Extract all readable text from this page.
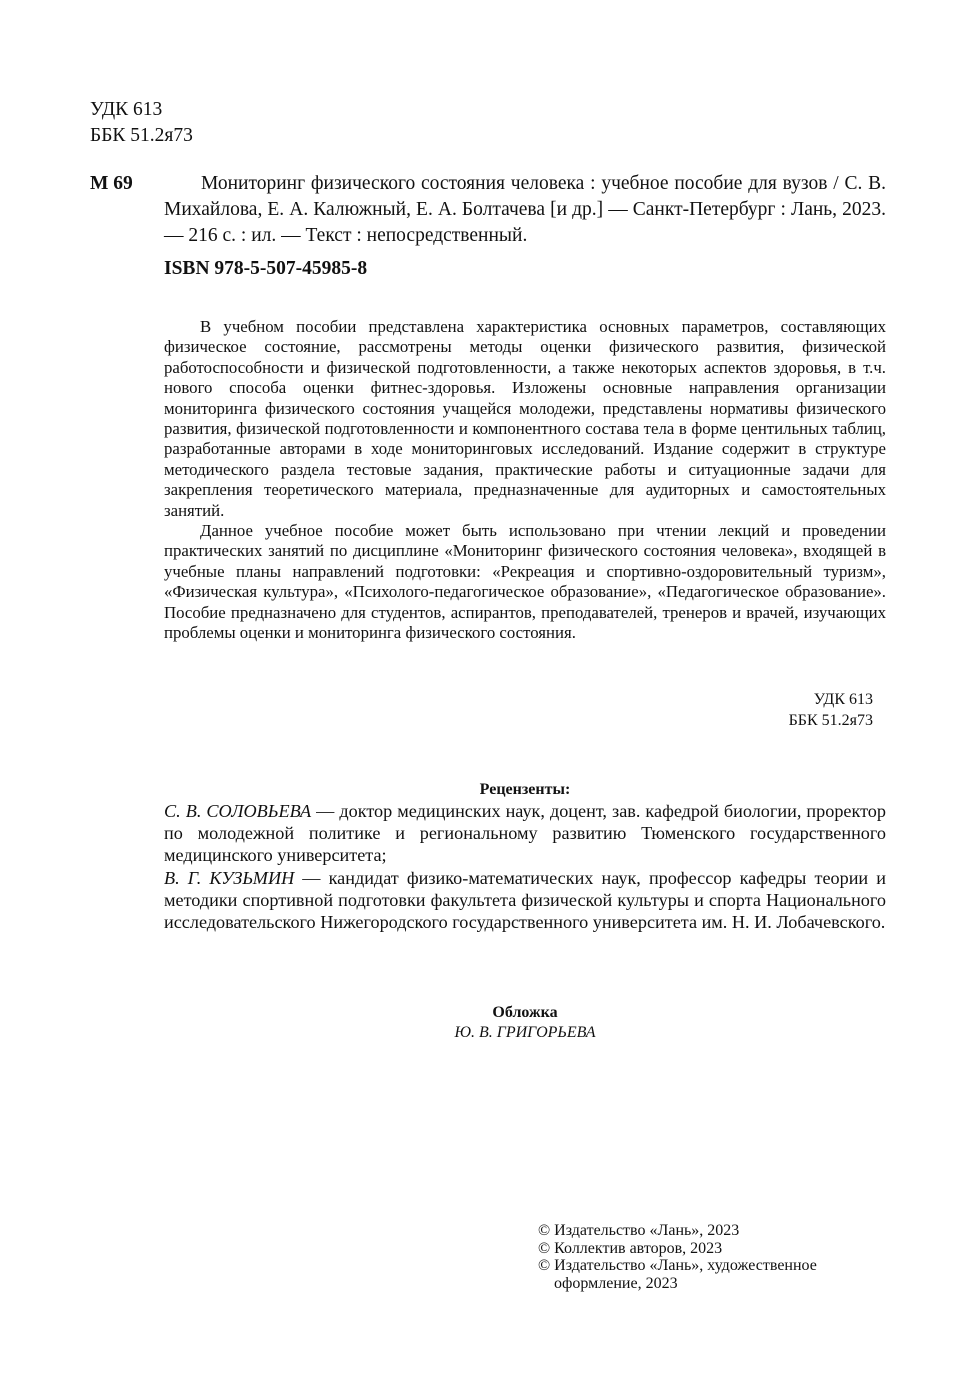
УДК 613
ББК 51.2я73
М 69	Мониторинг физического состояния человека : учебное пособие для вузов / С. В. Михайлова, Е. А. Калюжный, Е. А. Болтачева [и др.] — Санкт-Петербург : Лань, 2023. — 216 с. : ил. — Текст : непосредственный.
ISBN 978-5-507-45985-8

В учебном пособии представлена характеристика основных параметров, составляющих физическое состояние, рассмотрены методы оценки физического развития, физической работоспособности и физической подготовленности, а также некоторых аспектов здоровья, в т.ч. нового способа оценки фитнес-здоровья. Изложены основные направления организации мониторинга физического состояния учащейся молодежи, представлены нормативы физического развития, физической подготовленности и компонентного состава тела в форме центильных таблиц, разработанные авторами в ходе мониторинговых исследований. Издание содержит в структуре методического раздела тестовые задания, практические работы и ситуационные задачи для закрепления теоретического материала, предназначенные для аудиторных и самостоятельных занятий.

Данное учебное пособие может быть использовано при чтении лекций и проведении практических занятий по дисциплине «Мониторинг физического состояния человека», входящей в учебные планы направлений подготовки: «Рекреация и спортивно-оздоровительный туризм», «Физическая культура», «Психолого-педагогическое образование», «Педагогическое образование». Пособие предназначено для студентов, аспирантов, преподавателей, тренеров и врачей, изучающих проблемы оценки и мониторинга физического состояния.

УДК 613
ББК 51.2я73
Рецензенты:

С. В. СОЛОВЬЕВА — доктор медицинских наук, доцент, зав. кафедрой биологии, проректор по молодежной политике и региональному развитию Тюменского государственного медицинского университета;

В. Г. КУЗЬМИН — кандидат физико-математических наук, профессор кафедры теории и методики спортивной подготовки факультета физической культуры и спорта Национального исследовательского Нижегородского государственного университета им. Н. И. Лобачевского.

Обложка
Ю. В. ГРИГОРЬЕВА
© Издательство «Лань», 2023
© Коллектив авторов, 2023
© Издательство «Лань», художественное оформление, 2023
